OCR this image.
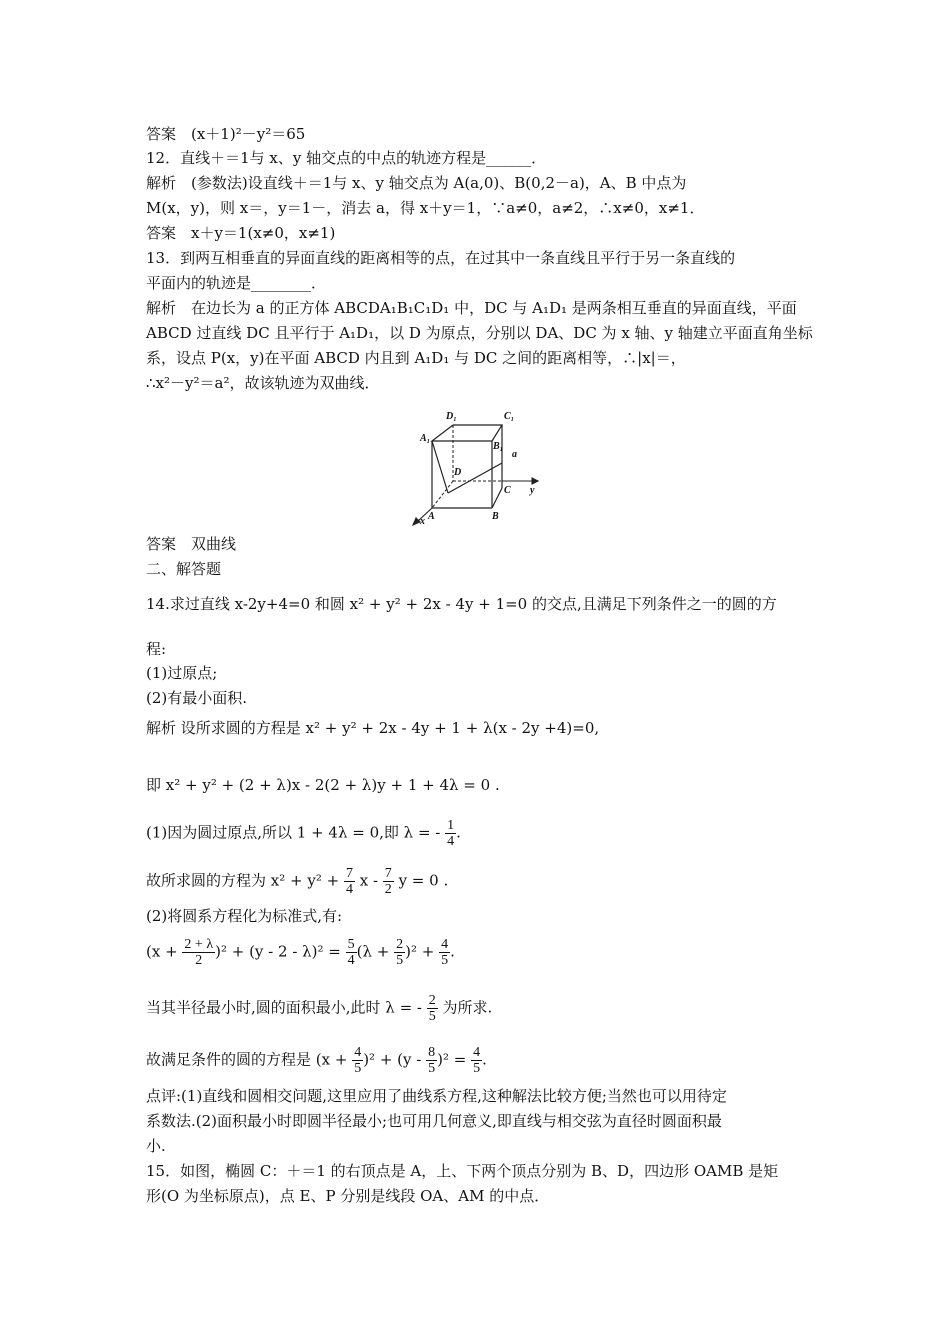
答案　(x＋1)²－y²＝65
12．直线＋＝1与 x、y 轴交点的中点的轨迹方程是______．
解析　(参数法)设直线＋＝1与 x、y 轴交点为 A(a,0)、B(0,2－a)，A、B 中点为
M(x，y)，则 x＝，y＝1－，消去 a，得 x＋y＝1，∵a≠0，a≠2，∴x≠0，x≠1．
答案　x＋y＝1(x≠0，x≠1)
13．到两互相垂直的异面直线的距离相等的点，在过其中一条直线且平行于另一条直线的
平面内的轨迹是________．
解析　在边长为 a 的正方体 ABCDA₁B₁C₁D₁ 中，DC 与 A₁D₁ 是两条相互垂直的异面直线，平面
ABCD 过直线 DC 且平行于 A₁D₁，以 D 为原点，分别以 DA、DC 为 x 轴、y 轴建立平面直角坐标
系，设点 P(x，y)在平面 ABCD 内且到 A₁D₁ 与 DC 之间的距离相等，∴|x|＝，
∴x²－y²＝a²，故该轨迹为双曲线．
D₁	C₁
A₁
B₁
a
D
C y
A	B
x
答案　双曲线
二、解答题
14.求过直线 x-2y+4=0 和圆 x² + y² + 2x - 4y + 1=0 的交点,且满足下列条件之一的圆的方
程:
(1)过原点;
(2)有最小面积.
解析 设所求圆的方程是 x² + y² + 2x - 4y + 1 + λ(x - 2y +4)=0,
即 x² + y² + (2 + λ)x - 2(2 + λ)y + 1 + 4λ = 0 .
(1)因为圆过原点,所以 1 + 4λ = 0,即 λ = - $\frac{1}{4}$ .
故所求圆的方程为 $x^2 + y^2 + \frac{7}{4}$ x - $\frac{7}{2}$ y = 0 .
(2)将圆系方程化为标准式,有:
$(x + \frac{2 + \lambda}{2} )^2 + (y - 2 - \lambda)^2 = \frac{5}{4} (\lambda + \frac{2}{5} )^2 + \frac{4}{5}$ .
当其半径最小时,圆的面积最小,此时 λ = - $\frac{2}{5}$ 为所求.
故满足条件的圆的方程是 $(x + \frac{4}{5} )^2 + (y - \frac{8}{5} )^2 = \frac{4}{5}$ .
点评:(1)直线和圆相交问题,这里应用了曲线系方程,这种解法比较方便;当然也可以用待定
系数法.(2)面积最小时即圆半径最小;也可用几何意义,即直线与相交弦为直径时圆面积最
小.
15．如图，椭圆 C：＋＝1 的右顶点是 A，上、下两个顶点分别为 B、D，四边形 OAMB 是矩
形(O 为坐标原点)，点 E、P 分别是线段 OA、AM 的中点．
